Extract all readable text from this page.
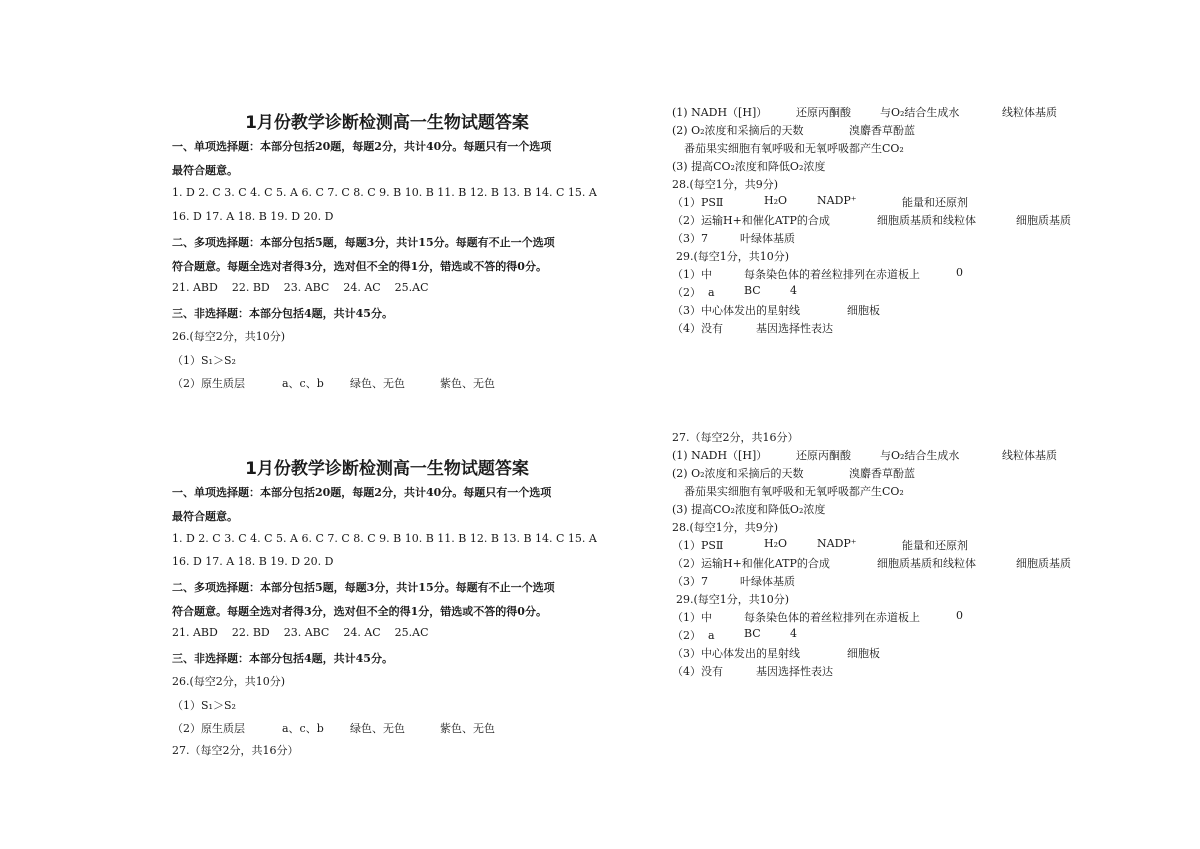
1月份教学诊断检测高一生物试题答案
一、单项选择题：本部分包括20题，每题2分，共计40分。每题只有一个选项
最符合题意。
1. D 2. C 3. C 4. C 5. A 6. C 7. C 8. C 9. B 10. B 11. B 12. B 13. B 14. C 15. A
16. D 17. A 18. B 19. D 20. D
二、多项选择题：本部分包括5题，每题3分，共计15分。每题有不止一个选项
符合题意。每题全选对者得3分，选对但不全的得1分，错选或不答的得0分。
21. ABD    22. BD    23. ABC    24. AC    25.AC
三、非选择题：本部分包括4题，共计45分。
26.(每空2分，共10分)
（1）S₁＞S₂
（2）原生质层	a、c、b 绿色、无色	紫色、无色
1月份教学诊断检测高一生物试题答案
一、单项选择题：本部分包括20题，每题2分，共计40分。每题只有一个选项
最符合题意。
1. D 2. C 3. C 4. C 5. A 6. C 7. C 8. C 9. B 10. B 11. B 12. B 13. B 14. C 15. A
16. D 17. A 18. B 19. D 20. D
二、多项选择题：本部分包括5题，每题3分，共计15分。每题有不止一个选项
符合题意。每题全选对者得3分，选对但不全的得1分，错选或不答的得0分。
21. ABD    22. BD    23. ABC    24. AC    25.AC
三、非选择题：本部分包括4题，共计45分。
26.(每空2分，共10分)
（1）S₁＞S₂
（2）原生质层	a、c、b 绿色、无色	紫色、无色
27.（每空2分，共16分）
(1) NADH（[H]）	还原丙酮酸	与O₂结合生成水	线粒体基质
(2) O₂浓度和采摘后的天数	溴麝香草酚蓝
番茄果实细胞有氧呼吸和无氧呼吸都产生CO₂
(3) 提高CO₂浓度和降低O₂浓度
28.(每空1分，共9分)
（1）PSⅡ	H₂O	NADP⁺	能量和还原剂
（2）运输H+和催化ATP的合成	细胞质基质和线粒体	细胞质基质
（3）7	叶绿体基质
29.(每空1分，共10分)
（1）中	每条染色体的着丝粒排列在赤道板上	0
（2）  a	BC	4
（3）中心体发出的星射线	细胞板
（4）没有	基因选择性表达
27.（每空2分，共16分）
(1) NADH（[H]）	还原丙酮酸	与O₂结合生成水	线粒体基质
(2) O₂浓度和采摘后的天数	溴麝香草酚蓝
番茄果实细胞有氧呼吸和无氧呼吸都产生CO₂
(3) 提高CO₂浓度和降低O₂浓度
28.(每空1分，共9分)
（1）PSⅡ	H₂O	NADP⁺	能量和还原剂
（2）运输H+和催化ATP的合成	细胞质基质和线粒体	细胞质基质
（3）7	叶绿体基质
29.(每空1分，共10分)
（1）中	每条染色体的着丝粒排列在赤道板上	0
（2）  a	BC	4
（3）中心体发出的星射线	细胞板
（4）没有	基因选择性表达
